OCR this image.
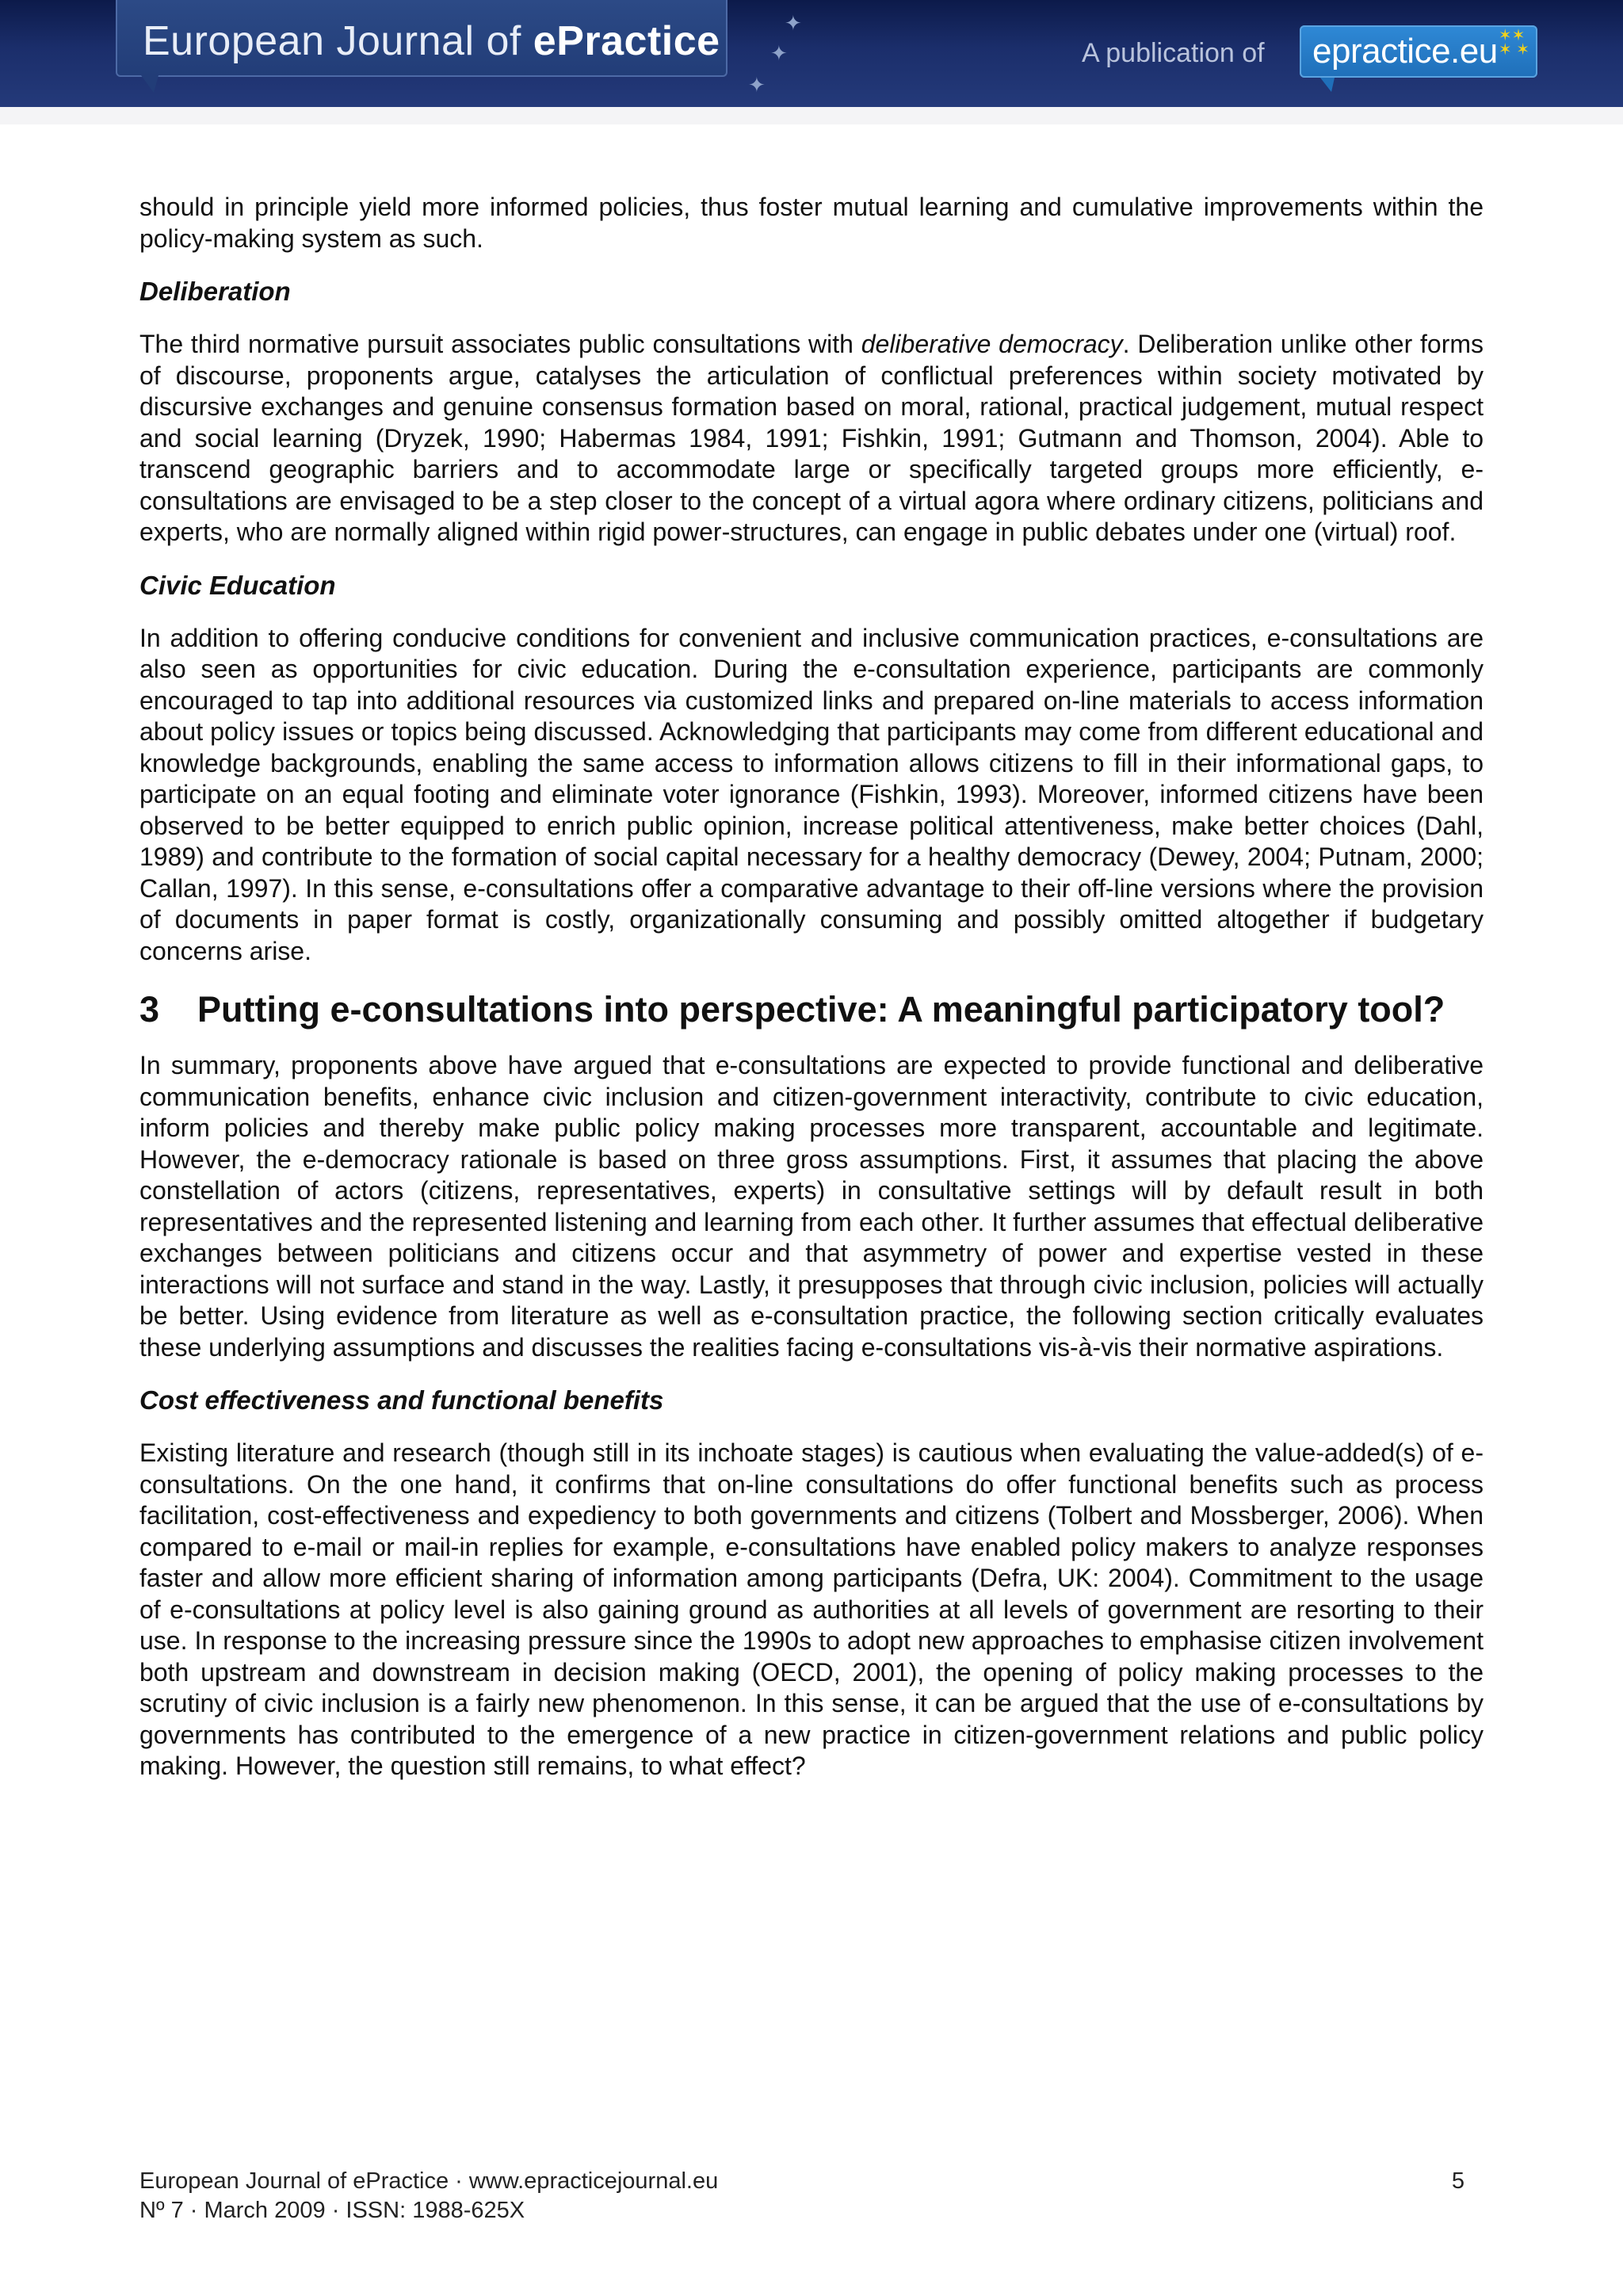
European Journal of ePractice	✦
✦
✦
A publication of epractice.eu ✶✶
✶ ✶

should in principle yield more informed policies, thus foster mutual learning and cumulative improvements within the policy-making system as such.

Deliberation

The third normative pursuit associates public consultations with deliberative democracy. Deliberation unlike other forms of discourse, proponents argue, catalyses the articulation of conflictual preferences within society motivated by discursive exchanges and genuine consensus formation based on moral, rational, practical judgement, mutual respect and social learning (Dryzek, 1990; Habermas 1984, 1991; Fishkin, 1991; Gutmann and Thomson, 2004). Able to transcend geographic barriers and to accommodate large or specifically targeted groups more efficiently, e-consultations are envisaged to be a step closer to the concept of a virtual agora where ordinary citizens, politicians and experts, who are normally aligned within rigid power-structures, can engage in public debates under one (virtual) roof.

Civic Education

In addition to offering conducive conditions for convenient and inclusive communication practices, e-consultations are also seen as opportunities for civic education. During the e-consultation experience, participants are commonly encouraged to tap into additional resources via customized links and prepared on-line materials to access information about policy issues or topics being discussed. Acknowledging that participants may come from different educational and knowledge backgrounds, enabling the same access to information allows citizens to fill in their informational gaps, to participate on an equal footing and eliminate voter ignorance (Fishkin, 1993). Moreover, informed citizens have been observed to be better equipped to enrich public opinion, increase political attentiveness, make better choices (Dahl, 1989) and contribute to the formation of social capital necessary for a healthy democracy (Dewey, 2004; Putnam, 2000; Callan, 1997). In this sense, e-consultations offer a comparative advantage to their off-line versions where the provision of documents in paper format is costly, organizationally consuming and possibly omitted altogether if budgetary concerns arise.

3 Putting e-consultations into perspective: A meaningful participatory tool?

In summary, proponents above have argued that e-consultations are expected to provide functional and deliberative communication benefits, enhance civic inclusion and citizen-government interactivity, contribute to civic education, inform policies and thereby make public policy making processes more transparent, accountable and legitimate. However, the e-democracy rationale is based on three gross assumptions. First, it assumes that placing the above constellation of actors (citizens, representatives, experts) in consultative settings will by default result in both representatives and the represented listening and learning from each other. It further assumes that effectual deliberative exchanges between politicians and citizens occur and that asymmetry of power and expertise vested in these interactions will not surface and stand in the way. Lastly, it presupposes that through civic inclusion, policies will actually be better. Using evidence from literature as well as e-consultation practice, the following section critically evaluates these underlying assumptions and discusses the realities facing e-consultations vis-à-vis their normative aspirations.

Cost effectiveness and functional benefits

Existing literature and research (though still in its inchoate stages) is cautious when evaluating the value-added(s) of e-consultations. On the one hand, it confirms that on-line consultations do offer functional benefits such as process facilitation, cost-effectiveness and expediency to both governments and citizens (Tolbert and Mossberger, 2006). When compared to e-mail or mail-in replies for example, e-consultations have enabled policy makers to analyze responses faster and allow more efficient sharing of information among participants (Defra, UK: 2004). Commitment to the usage of e-consultations at policy level is also gaining ground as authorities at all levels of government are resorting to their use. In response to the increasing pressure since the 1990s to adopt new approaches to emphasise citizen involvement both upstream and downstream in decision making (OECD, 2001), the opening of policy making processes to the scrutiny of civic inclusion is a fairly new phenomenon. In this sense, it can be argued that the use of e-consultations by governments has contributed to the emergence of a new practice in citizen-government relations and public policy making. However, the question still remains, to what effect?

European Journal of ePractice · www.epracticejournal.eu
Nº 7 · March 2009 · ISSN: 1988-625X
5
